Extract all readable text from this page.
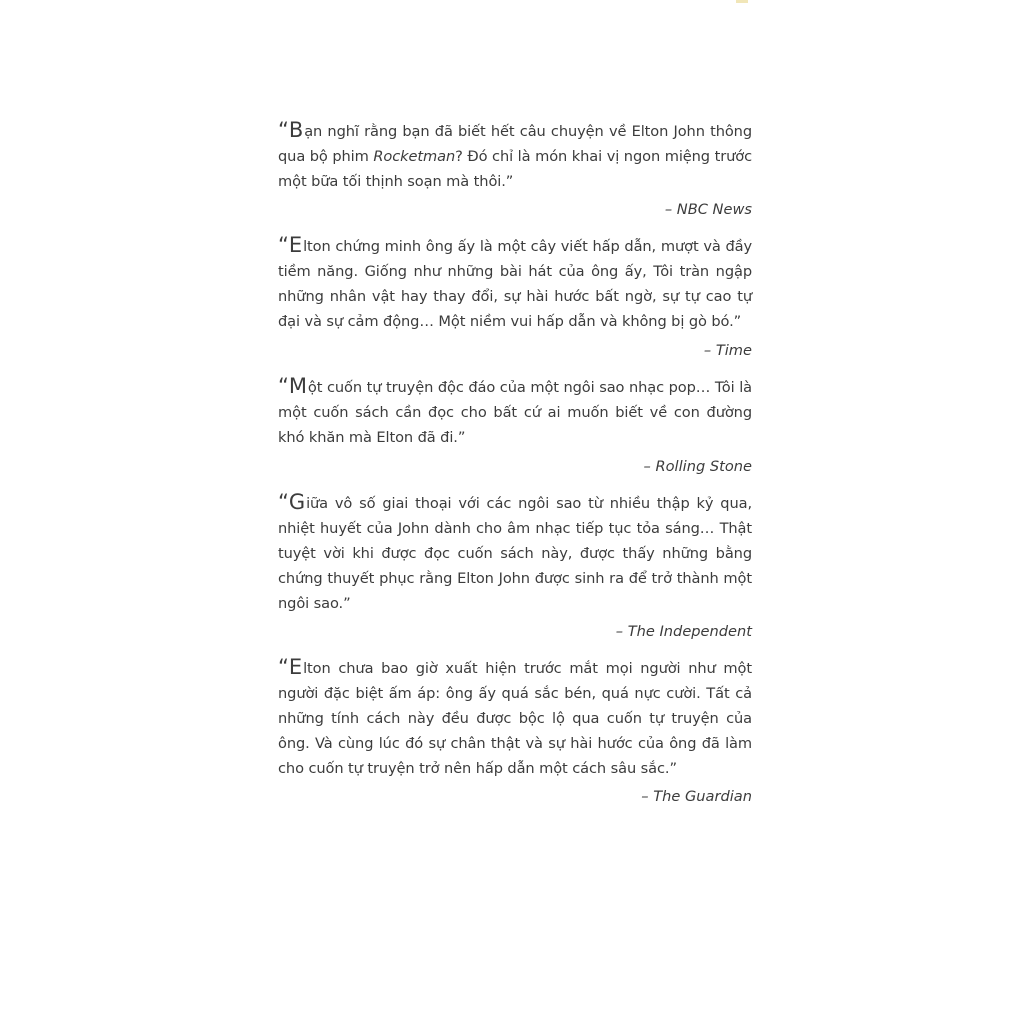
“Bạn nghĩ rằng bạn đã biết hết câu chuyện về Elton John thông qua bộ phim Rocketman? Đó chỉ là món khai vị ngon miệng trước một bữa tối thịnh soạn mà thôi.”

– NBC News

“Elton chứng minh ông ấy là một cây viết hấp dẫn, mượt và đầy tiềm năng. Giống như những bài hát của ông ấy, Tôi tràn ngập những nhân vật hay thay đổi, sự hài hước bất ngờ, sự tự cao tự đại và sự cảm động… Một niềm vui hấp dẫn và không bị gò bó.”

– Time

“Một cuốn tự truyện độc đáo của một ngôi sao nhạc pop… Tôi là một cuốn sách cần đọc cho bất cứ ai muốn biết về con đường khó khăn mà Elton đã đi.”

– Rolling Stone

“Giữa vô số giai thoại với các ngôi sao từ nhiều thập kỷ qua, nhiệt huyết của John dành cho âm nhạc tiếp tục tỏa sáng… Thật tuyệt vời khi được đọc cuốn sách này, được thấy những bằng chứng thuyết phục rằng Elton John được sinh ra để trở thành một ngôi sao.”

– The Independent

“Elton chưa bao giờ xuất hiện trước mắt mọi người như một người đặc biệt ấm áp: ông ấy quá sắc bén, quá nực cười. Tất cả những tính cách này đều được bộc lộ qua cuốn tự truyện của ông. Và cùng lúc đó sự chân thật và sự hài hước của ông đã làm cho cuốn tự truyện trở nên hấp dẫn một cách sâu sắc.”

– The Guardian
